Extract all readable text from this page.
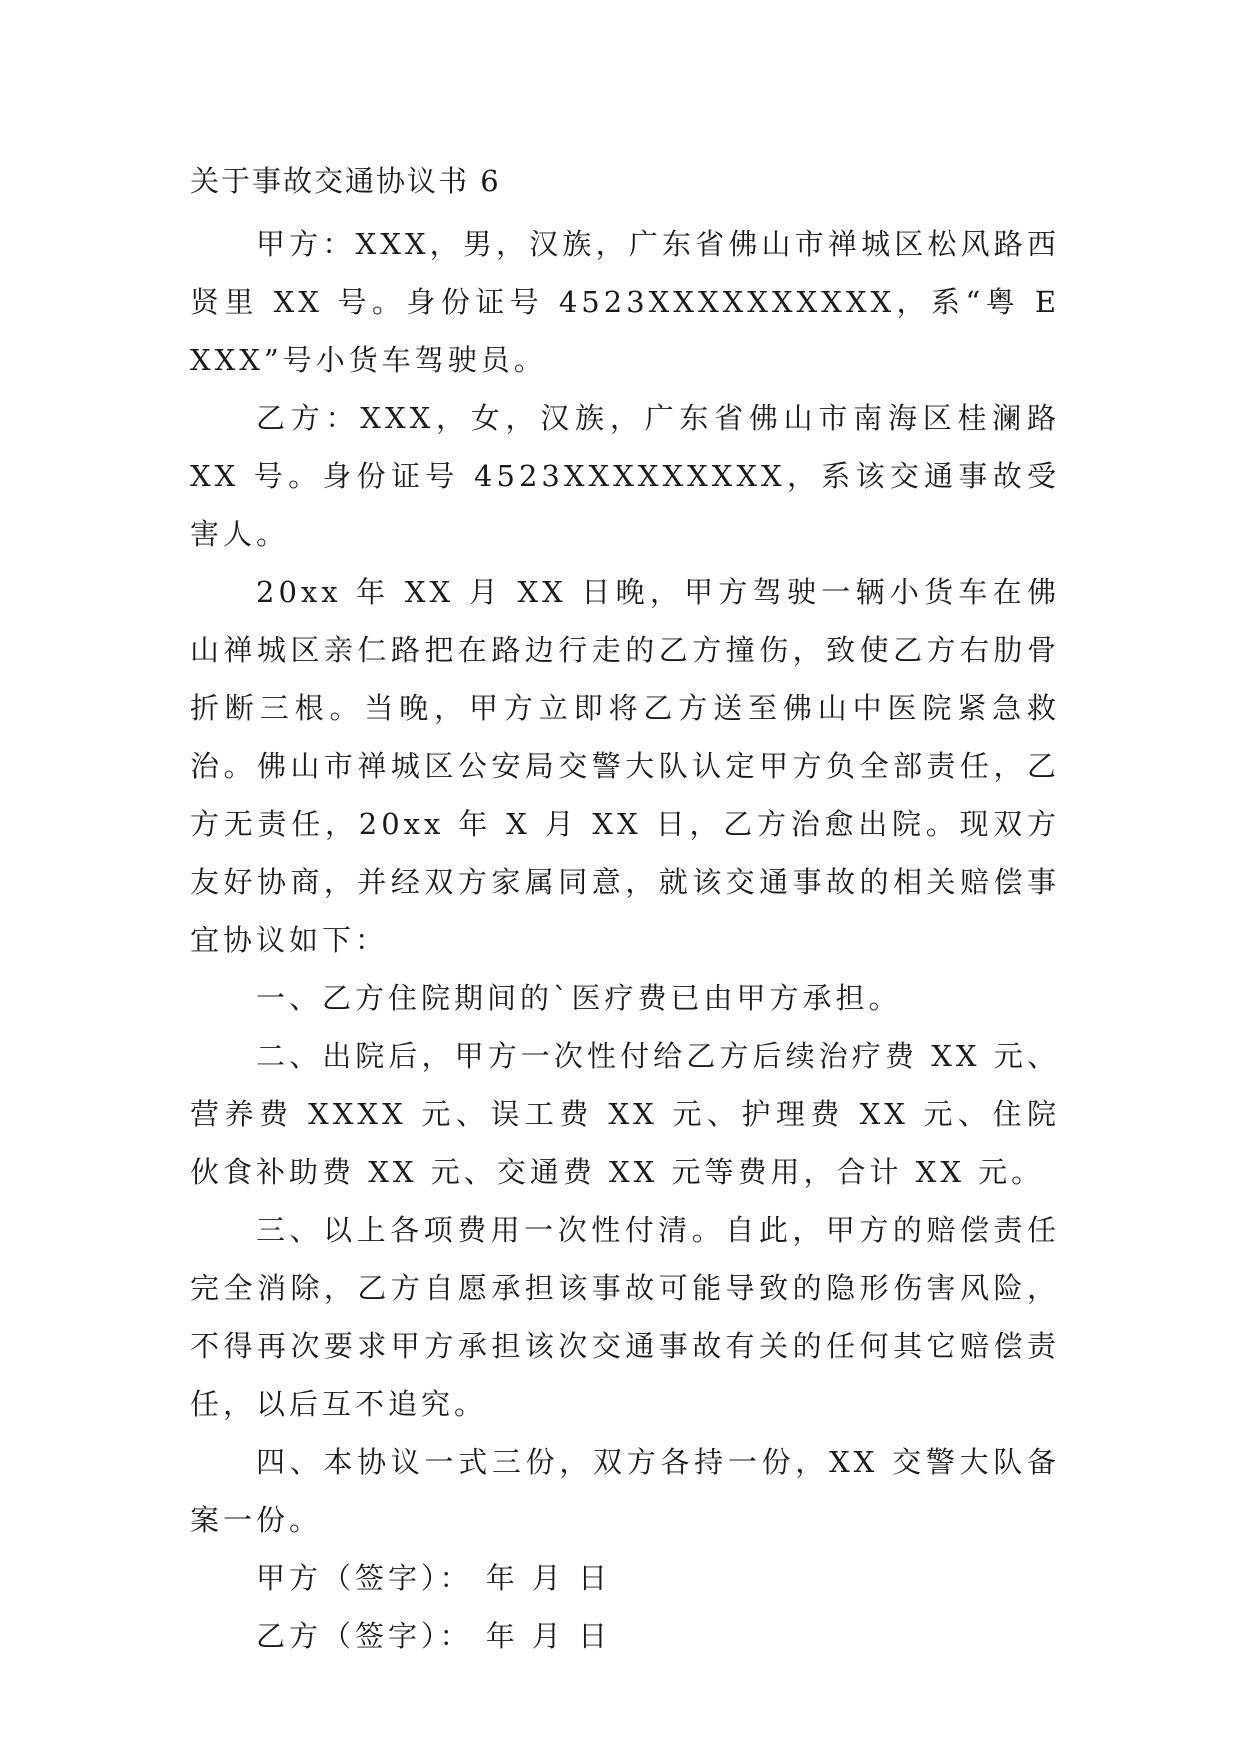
关于事故交通协议书 6

甲方：XXX，男，汉族，广东省佛山市禅城区松风路西贤里 XX 号。身份证号 4523XXXXXXXXXX，系“粤 EXXX”号小货车驾驶员。

乙方：XXX，女，汉族，广东省佛山市南海区桂澜路 XX 号。身份证号 4523XXXXXXXXX，系该交通事故受害人。

20xx 年 XX 月 XX 日晚，甲方驾驶一辆小货车在佛山禅城区亲仁路把在路边行走的乙方撞伤，致使乙方右肋骨折断三根。当晚，甲方立即将乙方送至佛山中医院紧急救治。佛山市禅城区公安局交警大队认定甲方负全部责任，乙方无责任，20xx 年 X 月 XX 日，乙方治愈出院。现双方友好协商，并经双方家属同意，就该交通事故的相关赔偿事宜协议如下：

一、乙方住院期间的`医疗费已由甲方承担。

二、出院后，甲方一次性付给乙方后续治疗费 XX 元、营养费 XXXX 元、误工费 XX 元、护理费 XX 元、住院伙食补助费 XX 元、交通费 XX 元等费用，合计 XX 元。

三、以上各项费用一次性付清。自此，甲方的赔偿责任完全消除，乙方自愿承担该事故可能导致的隐形伤害风险，不得再次要求甲方承担该次交通事故有关的任何其它赔偿责任，以后互不追究。

四、本协议一式三份，双方各持一份，XX 交警大队备案一份。

甲方（签字）： 年 月 日

乙方（签字）： 年 月 日
